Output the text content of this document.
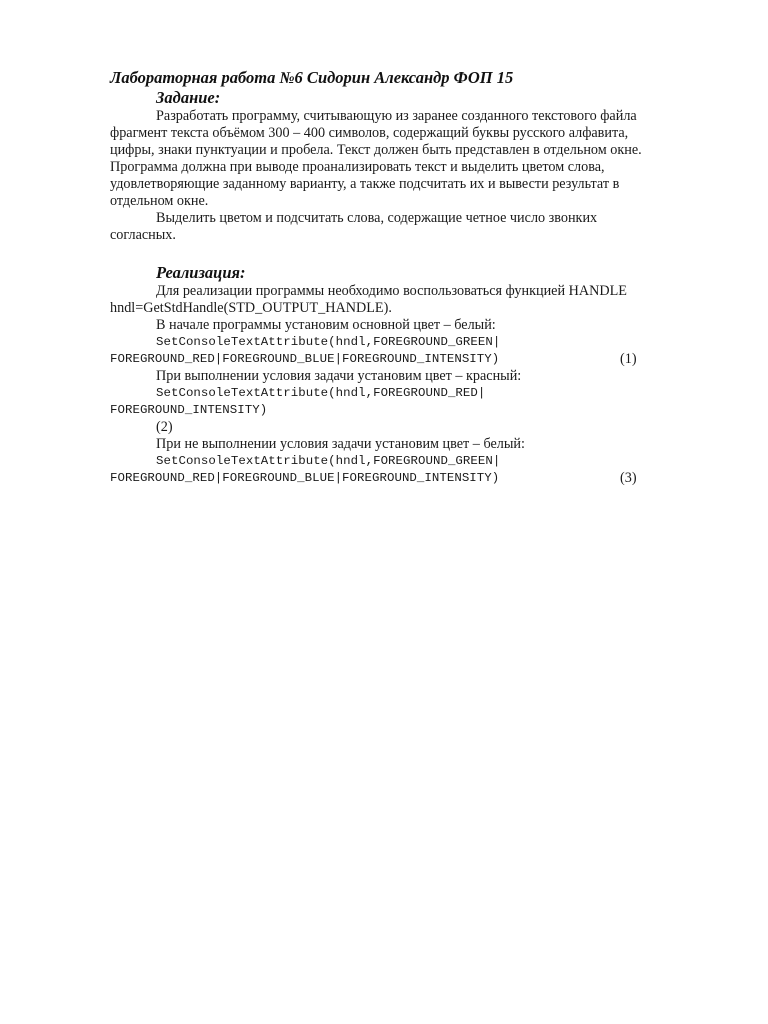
Лабораторная работа №6 Сидорин Александр ФОП 15
Задание:
Разработать программу, считывающую из заранее созданного текстового файла
фрагмент текста объёмом 300 – 400 символов, содержащий буквы русского алфавита,
цифры, знаки пунктуации и пробела. Текст должен быть представлен в отдельном окне.
Программа должна при выводе проанализировать текст и выделить цветом слова,
удовлетворяющие заданному варианту, а также подсчитать их и вывести результат в
отдельном окне.
Выделить цветом и подсчитать слова, содержащие четное число звонких
согласных.
Реализация:
Для реализации программы необходимо воспользоваться функцией HANDLE
hndl=GetStdHandle(STD_OUTPUT_HANDLE).
В начале программы установим основной цвет – белый:
SetConsoleTextAttribute(hndl,FOREGROUND_GREEN|
FOREGROUND_RED|FOREGROUND_BLUE|FOREGROUND_INTENSITY)	(1)
При выполнении условия задачи установим цвет – красный:
SetConsoleTextAttribute(hndl,FOREGROUND_RED|
FOREGROUND_INTENSITY)
(2)
При не выполнении условия задачи установим цвет – белый:
SetConsoleTextAttribute(hndl,FOREGROUND_GREEN|
FOREGROUND_RED|FOREGROUND_BLUE|FOREGROUND_INTENSITY)	(3)
